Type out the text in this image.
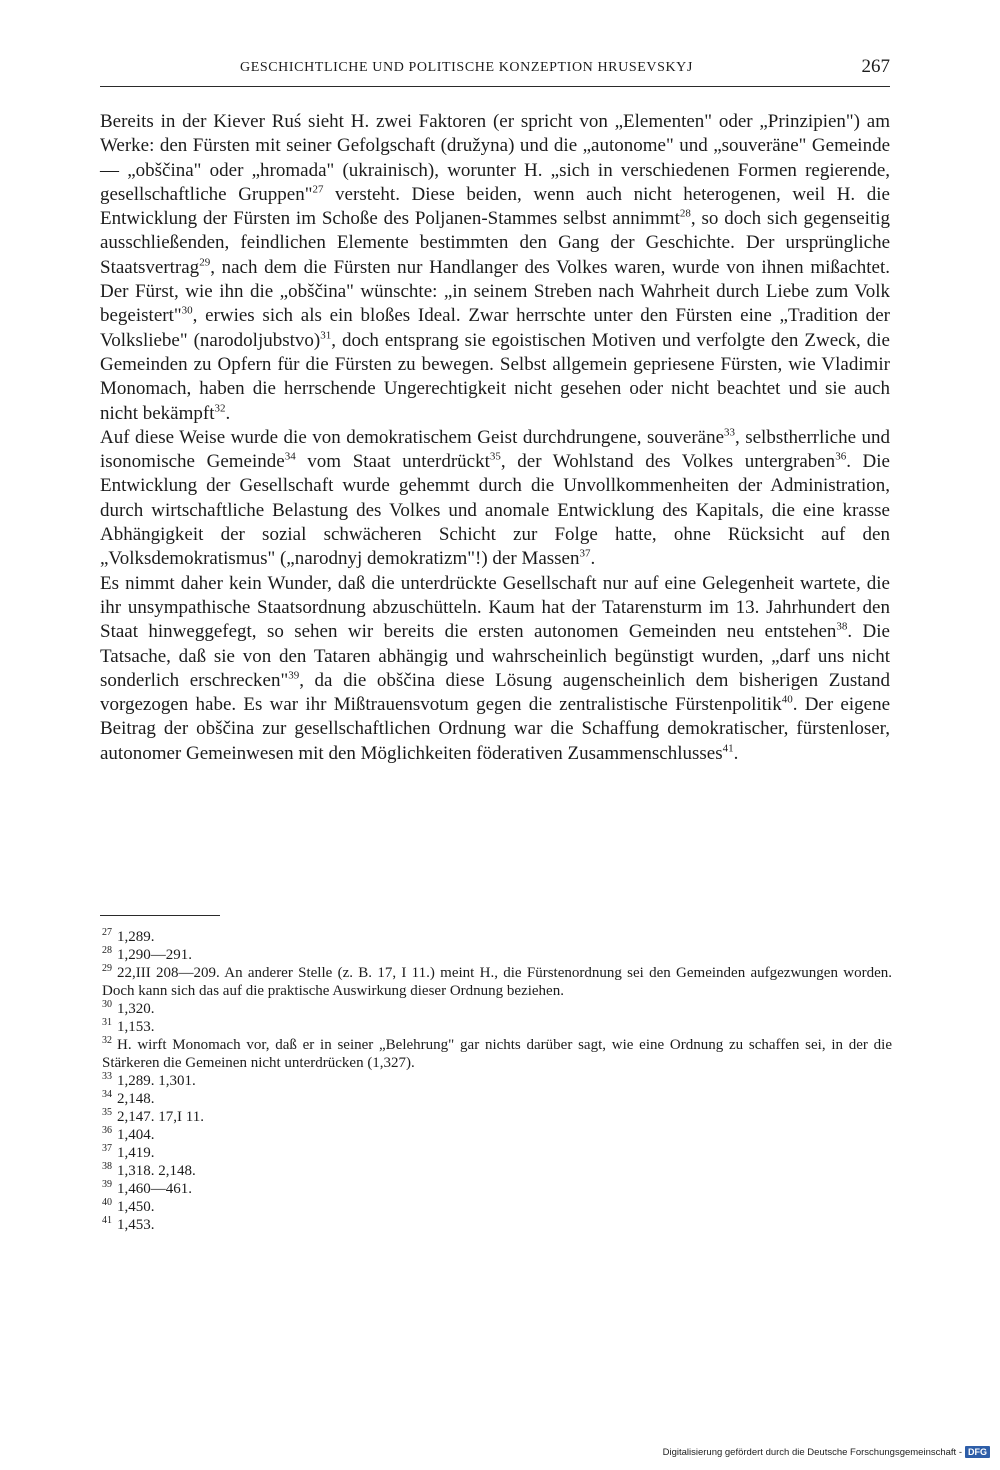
GESCHICHTLICHE UND POLITISCHE KONZEPTION HRUSEVSKYJ	267

Bereits in der Kiever Ruś sieht H. zwei Faktoren (er spricht von „Elementen" oder „Prinzipien") am Werke: den Fürsten mit seiner Gefolgschaft (družyna) und die „autonome" und „souveräne" Gemeinde — „obščina" oder „hromada" (ukrainisch), worunter H. „sich in verschiedenen Formen regierende, gesellschaftliche Gruppen"$^{27}$ versteht. Diese beiden, wenn auch nicht heterogenen, weil H. die Entwicklung der Fürsten im Schoße des Poljanen-Stammes selbst annimmt$^{28}$, so doch sich gegenseitig ausschließenden, feindlichen Elemente bestimmten den Gang der Geschichte. Der ursprüngliche Staatsvertrag$^{29}$, nach dem die Fürsten nur Handlanger des Volkes waren, wurde von ihnen mißachtet. Der Fürst, wie ihn die „obščina" wünschte: „in seinem Streben nach Wahrheit durch Liebe zum Volk begeistert"$^{30}$, erwies sich als ein bloßes Ideal. Zwar herrschte unter den Fürsten eine „Tradition der Volksliebe" (narodoljubstvo)$^{31}$, doch entsprang sie egoistischen Motiven und verfolgte den Zweck, die Gemeinden zu Opfern für die Fürsten zu bewegen. Selbst allgemein gepriesene Fürsten, wie Vladimir Monomach, haben die herrschende Ungerechtigkeit nicht gesehen oder nicht beachtet und sie auch nicht bekämpft$^{32}$.

Auf diese Weise wurde die von demokratischem Geist durchdrungene, souveräne$^{33}$, selbstherrliche und isonomische Gemeinde$^{34}$ vom Staat unterdrückt$^{35}$, der Wohlstand des Volkes untergraben$^{36}$. Die Entwicklung der Gesellschaft wurde gehemmt durch die Unvollkommenheiten der Administration, durch wirtschaftliche Belastung des Volkes und anomale Entwicklung des Kapitals, die eine krasse Abhängigkeit der sozial schwächeren Schicht zur Folge hatte, ohne Rücksicht auf den „Volksdemokratismus" („narodnyj demokratizm"!) der Massen$^{37}$.

Es nimmt daher kein Wunder, daß die unterdrückte Gesellschaft nur auf eine Gelegenheit wartete, die ihr unsympathische Staatsordnung abzuschütteln. Kaum hat der Tatarensturm im 13. Jahrhundert den Staat hinweggefegt, so sehen wir bereits die ersten autonomen Gemeinden neu entstehen$^{38}$. Die Tatsache, daß sie von den Tataren abhängig und wahrscheinlich begünstigt wurden, „darf uns nicht sonderlich erschrecken"$^{39}$, da die obščina diese Lösung augenscheinlich dem bisherigen Zustand vorgezogen habe. Es war ihr Mißtrauensvotum gegen die zentralistische Fürstenpolitik$^{40}$. Der eigene Beitrag der obščina zur gesellschaftlichen Ordnung war die Schaffung demokratischer, fürstenloser, autonomer Gemeinwesen mit den Möglichkeiten föderativen Zusammenschlusses$^{41}$.

$^{27}$ 1,289.

$^{28}$ 1,290—291.

$^{29}$ 22,III 208—209. An anderer Stelle (z. B. 17, I 11.) meint H., die Fürstenordnung sei den Gemeinden aufgezwungen worden. Doch kann sich das auf die praktische Auswirkung dieser Ordnung beziehen.

$^{30}$ 1,320.

$^{31}$ 1,153.

$^{32}$ H. wirft Monomach vor, daß er in seiner „Belehrung" gar nichts darüber sagt, wie eine Ordnung zu schaffen sei, in der die Stärkeren die Gemeinen nicht unterdrücken (1,327).

$^{33}$ 1,289. 1,301.

$^{34}$ 2,148.

$^{35}$ 2,147. 17,I 11.

$^{36}$ 1,404.

$^{37}$ 1,419.

$^{38}$ 1,318. 2,148.

$^{39}$ 1,460—461.

$^{40}$ 1,450.

$^{41}$ 1,453.

Digitalisierung gefördert durch die Deutsche Forschungsgemeinschaft - DFG
